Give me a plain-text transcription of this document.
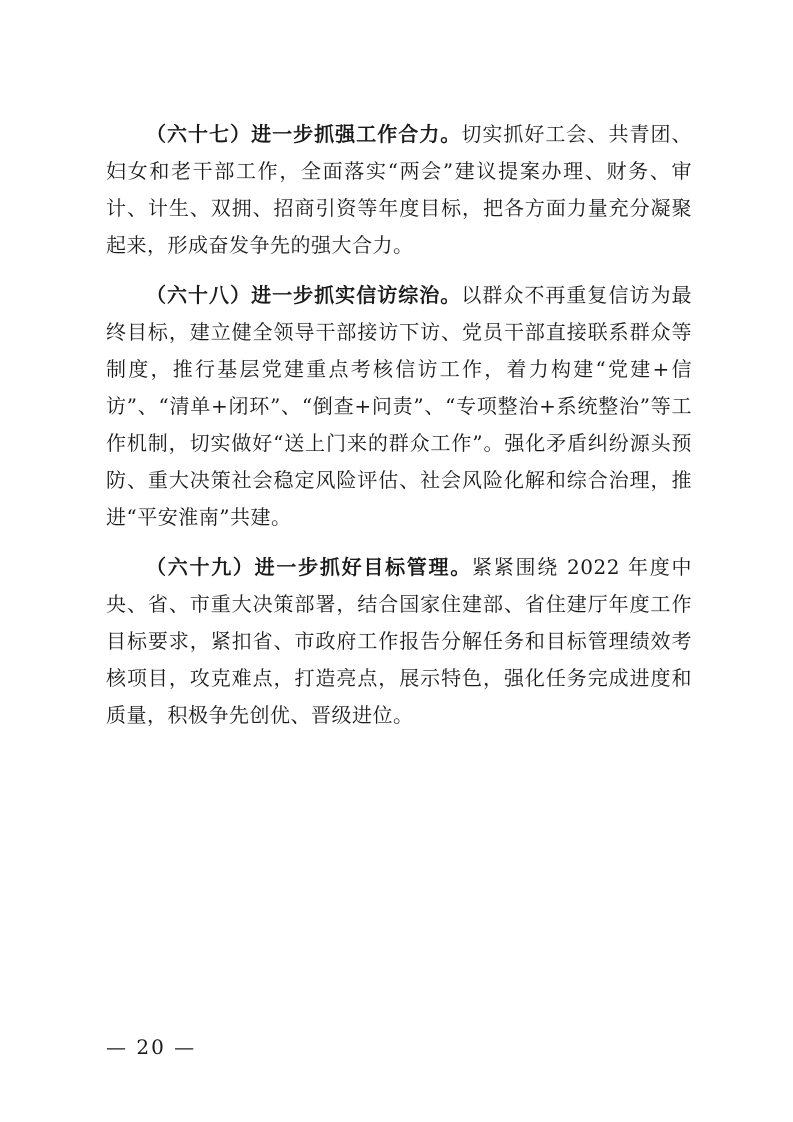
（六十七）进一步抓强工作合力。切实抓好工会、共青团、妇女和老干部工作，全面落实“两会”建议提案办理、财务、审计、计生、双拥、招商引资等年度目标，把各方面力量充分凝聚起来，形成奋发争先的强大合力。

（六十八）进一步抓实信访综治。以群众不再重复信访为最终目标，建立健全领导干部接访下访、党员干部直接联系群众等制度，推行基层党建重点考核信访工作，着力构建“党建+信访”、“清单+闭环”、“倒查+问责”、“专项整治+系统整治”等工作机制，切实做好“送上门来的群众工作”。强化矛盾纠纷源头预防、重大决策社会稳定风险评估、社会风险化解和综合治理，推进“平安淮南”共建。

（六十九）进一步抓好目标管理。紧紧围绕 2022 年度中央、省、市重大决策部署，结合国家住建部、省住建厅年度工作目标要求，紧扣省、市政府工作报告分解任务和目标管理绩效考核项目，攻克难点，打造亮点，展示特色，强化任务完成进度和质量，积极争先创优、晋级进位。

— 20 —
